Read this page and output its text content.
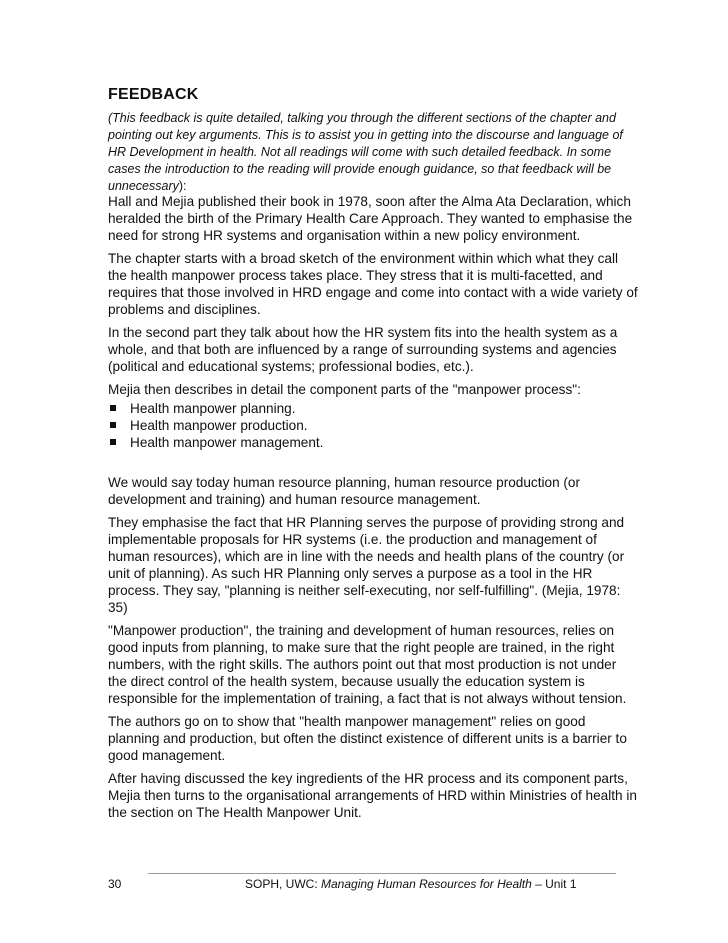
FEEDBACK
(This feedback is quite detailed, talking you through the different sections of the chapter and pointing out key arguments. This is to assist you in getting into the discourse and language of HR Development in health. Not all readings will come with such detailed feedback. In some cases the introduction to the reading will provide enough guidance, so that feedback will be unnecessary):

Hall and Mejia published their book in 1978, soon after the Alma Ata Declaration, which heralded the birth of the Primary Health Care Approach. They wanted to emphasise the need for strong HR systems and organisation within a new policy environment.

The chapter starts with a broad sketch of the environment within which what they call the health manpower process takes place. They stress that it is multi-facetted, and requires that those involved in HRD engage and come into contact with a wide variety of problems and disciplines.

In the second part they talk about how the HR system fits into the health system as a whole, and that both are influenced by a range of surrounding systems and agencies (political and educational systems; professional bodies, etc.).

Mejia then describes in detail the component parts of the "manpower process":

Health manpower planning.
Health manpower production.
Health manpower management.

We would say today human resource planning, human resource production (or development and training) and human resource management.

They emphasise the fact that HR Planning serves the purpose of providing strong and implementable proposals for HR systems (i.e. the production and management of human resources), which are in line with the needs and health plans of the country (or unit of planning). As such HR Planning only serves a purpose as a tool in the HR process. They say, "planning is neither self-executing, nor self-fulfilling". (Mejia, 1978: 35)

"Manpower production", the training and development of human resources, relies on good inputs from planning, to make sure that the right people are trained, in the right numbers, with the right skills. The authors point out that most production is not under the direct control of the health system, because usually the education system is responsible for the implementation of training, a fact that is not always without tension.

The authors go on to show that "health manpower management" relies on good planning and production, but often the distinct existence of different units is a barrier to good management.

After having discussed the key ingredients of the HR process and its component parts, Mejia then turns to the organisational arrangements of HRD within Ministries of health in the section on The Health Manpower Unit.

30	SOPH, UWC: Managing Human Resources for Health – Unit 1
